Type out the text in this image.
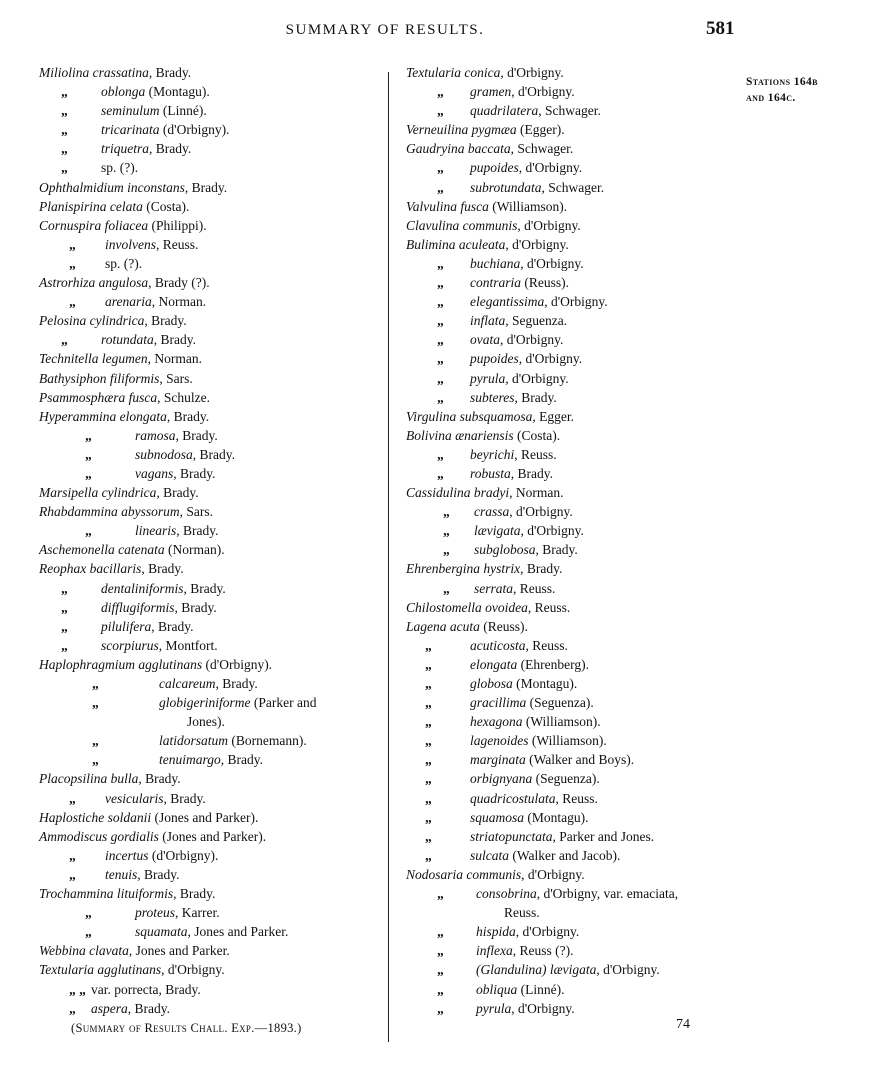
SUMMARY OF RESULTS.	581
Miliolina crassatina, Brady.
„ oblonga (Montagu).
„ seminulum (Linné).
„ tricarinata (d'Orbigny).
„ triquetra, Brady.
„ sp. (?).
Ophthalmidium inconstans, Brady.
Planispirina celata (Costa).
Cornuspira foliacea (Philippi).
„ involvens, Reuss.
„ sp. (?).
Astrorhiza angulosa, Brady (?).
„ arenaria, Norman.
Pelosina cylindrica, Brady.
„ rotundata, Brady.
Technitella legumen, Norman.
Bathysiphon filiformis, Sars.
Psammosphæra fusca, Schulze.
Hyperammina elongata, Brady.
„	ramosa, Brady.
„	subnodosa, Brady.
„	vagans, Brady.
Marsipella cylindrica, Brady.
Rhabdammina abyssorum, Sars.
„	linearis, Brady.
Aschemonella catenata (Norman).
Reophax bacillaris, Brady.
„ dentaliniformis, Brady.
„ difflugiformis, Brady.
„ pilulifera, Brady.
„ scorpiurus, Montfort.
Haplophragmium agglutinans (d'Orbigny).
„	calcareum, Brady.
„	globigeriniforme (Parker and
Jones).
„	latidorsatum (Bornemann).
„	tenuimargo, Brady.
Placopsilina bulla, Brady.
„ vesicularis, Brady.
Haplostiche soldanii (Jones and Parker).
Ammodiscus gordialis (Jones and Parker).
„ incertus (d'Orbigny).
„ tenuis, Brady.
Trochammina lituiformis, Brady.
„	proteus, Karrer.
„	squamata, Jones and Parker.
Webbina clavata, Jones and Parker.
Textularia agglutinans, d'Orbigny.
„ „ var. porrecta, Brady.
„ aspera, Brady.
Textularia conica, d'Orbigny.
„ gramen, d'Orbigny.
„ quadrilatera, Schwager.
Verneuilina pygmæa (Egger).
Gaudryina baccata, Schwager.
„ pupoides, d'Orbigny.
„ subrotundata, Schwager.
Valvulina fusca (Williamson).
Clavulina communis, d'Orbigny.
Bulimina aculeata, d'Orbigny.
„ buchiana, d'Orbigny.
„ contraria (Reuss).
„ elegantissima, d'Orbigny.
„ inflata, Seguenza.
„ ovata, d'Orbigny.
„ pupoides, d'Orbigny.
„ pyrula, d'Orbigny.
„ subteres, Brady.
Virgulina subsquamosa, Egger.
Bolivina ænariensis (Costa).
„ beyrichi, Reuss.
„ robusta, Brady.
Cassidulina bradyi, Norman.
„ crassa, d'Orbigny.
„ lævigata, d'Orbigny.
„ subglobosa, Brady.
Ehrenbergina hystrix, Brady.
„ serrata, Reuss.
Chilostomella ovoidea, Reuss.
Lagena acuta (Reuss).
„	acuticosta, Reuss.
„	elongata (Ehrenberg).
„	globosa (Montagu).
„	gracillima (Seguenza).
„	hexagona (Williamson).
„	lagenoides (Williamson).
„	marginata (Walker and Boys).
„	orbignyana (Seguenza).
„	quadricostulata, Reuss.
„	squamosa (Montagu).
„	striatopunctata, Parker and Jones.
„	sulcata (Walker and Jacob).
Nodosaria communis, d'Orbigny.
„ consobrina, d'Orbigny, var. emaciata,
Reuss.
„ hispida, d'Orbigny.
„ inflexa, Reuss (?).
„ (Glandulina) lævigata, d'Orbigny.
„ obliqua (Linné).
„ pyrula, d'Orbigny.
Stations 164b
and 164c.
(Summary of Results Chall. Exp.—1893.)	74
